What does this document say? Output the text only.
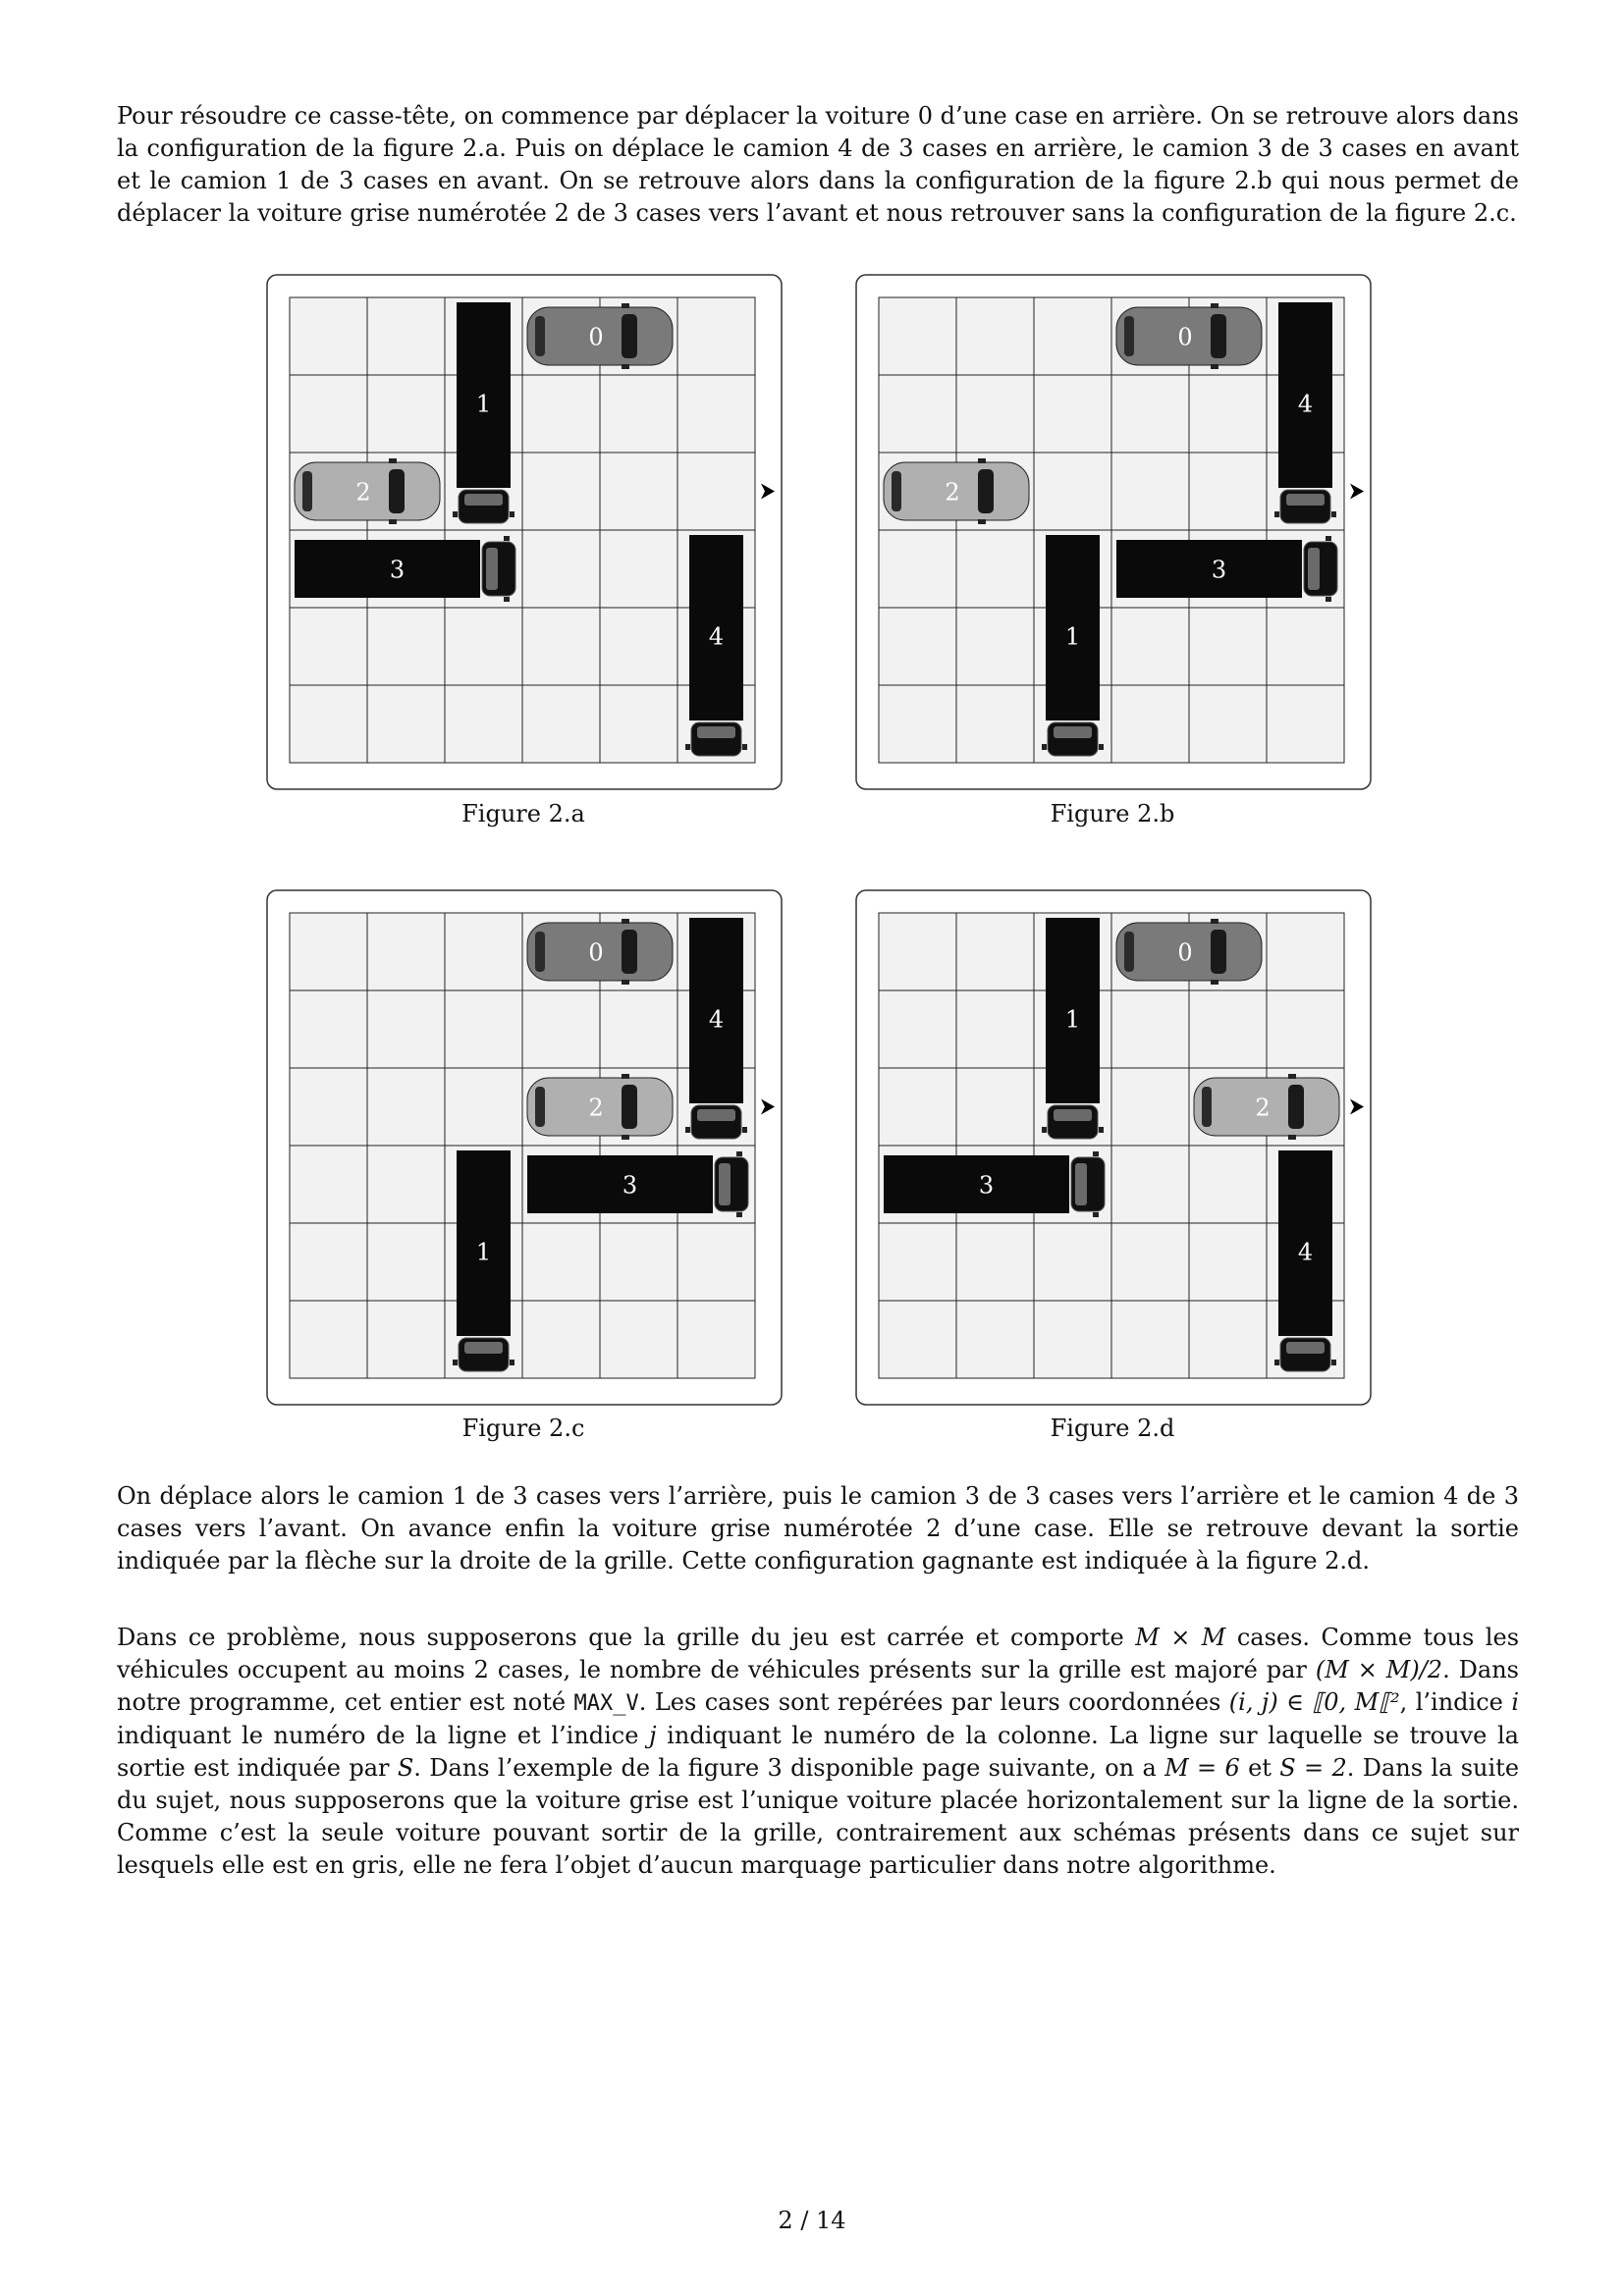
Pour résoudre ce casse-tête, on commence par déplacer la voiture 0 d’une case en arrière. On se retrouve alors dans la configuration de la figure 2.a. Puis on déplace le camion 4 de 3 cases en arrière, le camion 3 de 3 cases en avant et le camion 1 de 3 cases en avant. On se retrouve alors dans la configuration de la figure 2.b qui nous permet de déplacer la voiture grise numérotée 2 de 3 cases vers l’avant et nous retrouver sans la configuration de la figure 2.c.

0
1
2
3
4
Figure 2.a
0
4
2
3
1
Figure 2.b
0
4
2
3
1
Figure 2.c
1
0
2
3
4
Figure 2.d

On déplace alors le camion 1 de 3 cases vers l’arrière, puis le camion 3 de 3 cases vers l’arrière et le camion 4 de 3 cases vers l’avant. On avance enfin la voiture grise numérotée 2 d’une case. Elle se retrouve devant la sortie indiquée par la flèche sur la droite de la grille. Cette configuration gagnante est indiquée à la figure 2.d.

Dans ce problème, nous supposerons que la grille du jeu est carrée et comporte M × M cases. Comme tous les véhicules occupent au moins 2 cases, le nombre de véhicules présents sur la grille est majoré par (M × M)/2. Dans notre programme, cet entier est noté MAX_V. Les cases sont repérées par leurs coordonnées (i, j) ∈ ⟦0, M⟦², l’indice i indiquant le numéro de la ligne et l’indice j indiquant le numéro de la colonne. La ligne sur laquelle se trouve la sortie est indiquée par S. Dans l’exemple de la figure 3 disponible page suivante, on a M = 6 et S = 2. Dans la suite du sujet, nous supposerons que la voiture grise est l’unique voiture placée horizontalement sur la ligne de la sortie. Comme c’est la seule voiture pouvant sortir de la grille, contrairement aux schémas présents dans ce sujet sur lesquels elle est en gris, elle ne fera l’objet d’aucun marquage particulier dans notre algorithme.

2 / 14
